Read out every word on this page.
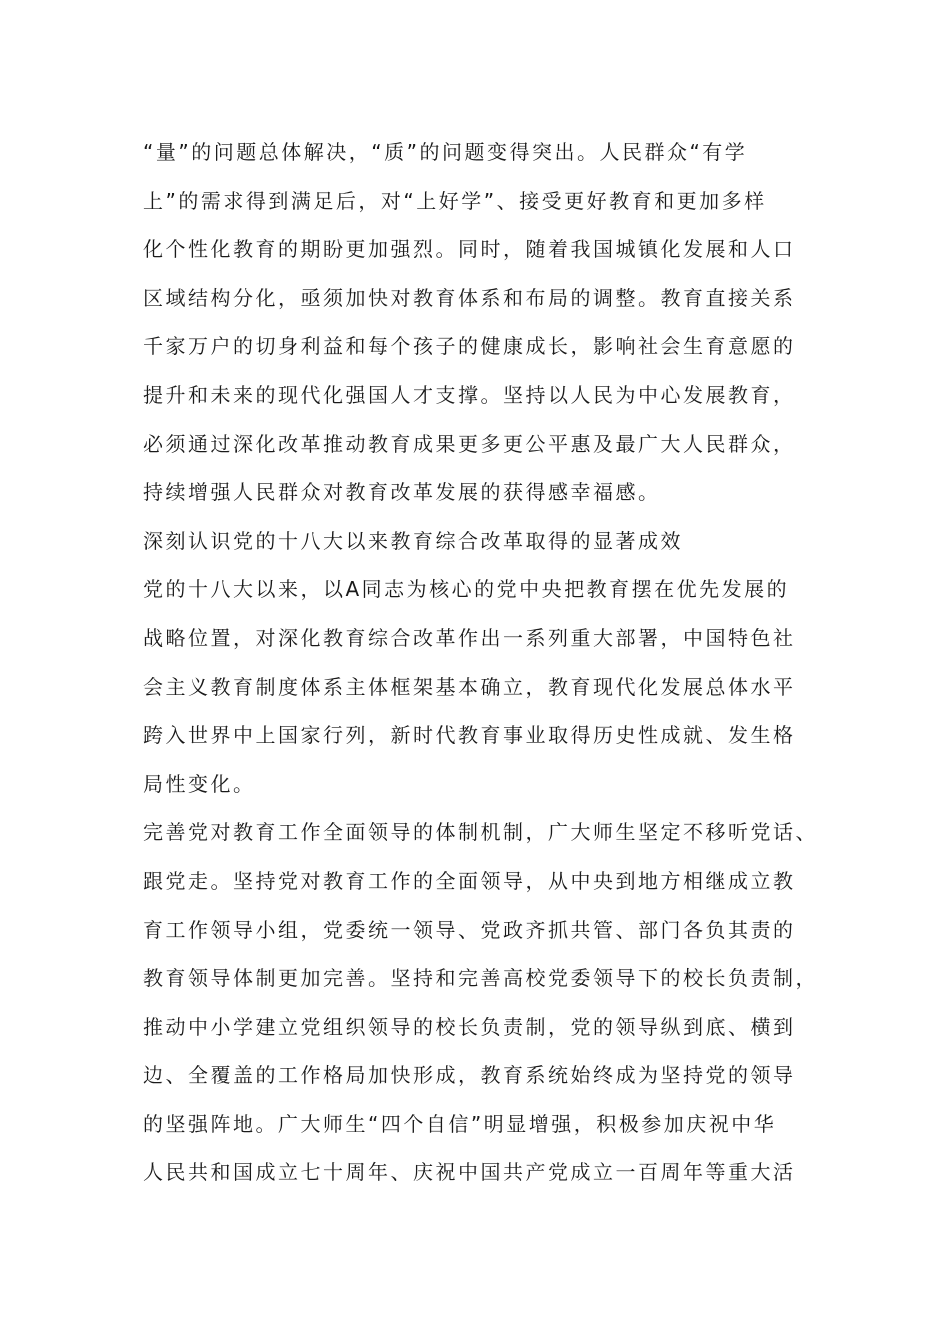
“量”的问题总体解决，“质”的问题变得突出。人民群众“有学
上”的需求得到满足后，对“上好学”、接受更好教育和更加多样
化个性化教育的期盼更加强烈。同时，随着我国城镇化发展和人口
区域结构分化，亟须加快对教育体系和布局的调整。教育直接关系
千家万户的切身利益和每个孩子的健康成长，影响社会生育意愿的
提升和未来的现代化强国人才支撑。坚持以人民为中心发展教育，
必须通过深化改革推动教育成果更多更公平惠及最广大人民群众，
持续增强人民群众对教育改革发展的获得感幸福感。
深刻认识党的十八大以来教育综合改革取得的显著成效
党的十八大以来，以A同志为核心的党中央把教育摆在优先发展的
战略位置，对深化教育综合改革作出一系列重大部署，中国特色社
会主义教育制度体系主体框架基本确立，教育现代化发展总体水平
跨入世界中上国家行列，新时代教育事业取得历史性成就、发生格
局性变化。
完善党对教育工作全面领导的体制机制，广大师生坚定不移听党话、
跟党走。坚持党对教育工作的全面领导，从中央到地方相继成立教
育工作领导小组，党委统一领导、党政齐抓共管、部门各负其责的
教育领导体制更加完善。坚持和完善高校党委领导下的校长负责制，
推动中小学建立党组织领导的校长负责制，党的领导纵到底、横到
边、全覆盖的工作格局加快形成，教育系统始终成为坚持党的领导
的坚强阵地。广大师生“四个自信”明显增强，积极参加庆祝中华
人民共和国成立七十周年、庆祝中国共产党成立一百周年等重大活
